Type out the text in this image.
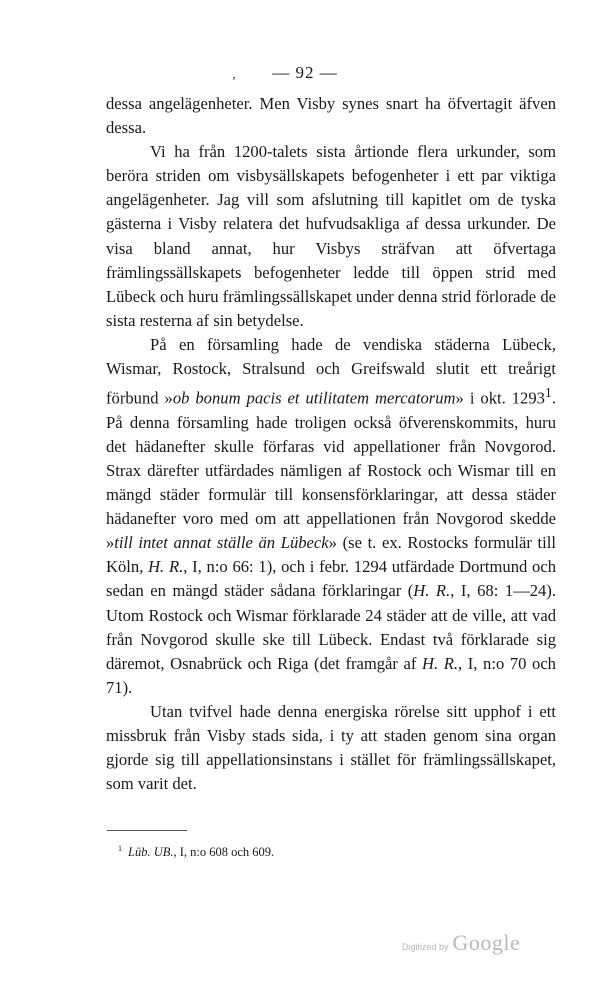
‚ — 92 —

dessa angelägenheter. Men Visby synes snart ha öfvertagit äfven dessa.

Vi ha från 1200-talets sista årtionde flera urkunder, som beröra striden om visbysällskapets befogenheter i ett par viktiga angelägenheter. Jag vill som afslutning till kapitlet om de tyska gästerna i Visby relatera det hufvudsakliga af dessa urkunder. De visa bland annat, hur Visbys sträfvan att öfvertaga främlingssällskapets befogenheter ledde till öppen strid med Lübeck och huru främlingssällskapet under denna strid förlorade de sista resterna af sin betydelse.

På en församling hade de vendiska städerna Lübeck, Wismar, Rostock, Stralsund och Greifswald slutit ett treårigt förbund »ob bonum pacis et utilitatem mercatorum» i okt. 1293$^1$. På denna församling hade troligen också öfverenskommits, huru det hädanefter skulle förfaras vid appellationer från Novgorod. Strax därefter utfärdades nämligen af Rostock och Wismar till en mängd städer formulär till konsensförklaringar, att dessa städer hädanefter voro med om att appellationen från Novgorod skedde »till intet annat ställe än Lübeck» (se t. ex. Rostocks formulär till Köln, H. R., I, n:o 66: 1), och i febr. 1294 utfärdade Dortmund och sedan en mängd städer sådana förklaringar (H. R., I, 68: 1—24). Utom Rostock och Wismar förklarade 24 städer att de ville, att vad från Novgorod skulle ske till Lübeck. Endast två förklarade sig däremot, Osnabrück och Riga (det framgår af H. R., I, n:o 70 och 71).

Utan tvifvel hade denna energiska rörelse sitt upphof i ett missbruk från Visby stads sida, i ty att staden genom sina organ gjorde sig till appellationsinstans i stället för främlingssällskapet, som varit det.

$^1$ Lüb. UB., I, n:o 608 och 609.
Digitized by Google
